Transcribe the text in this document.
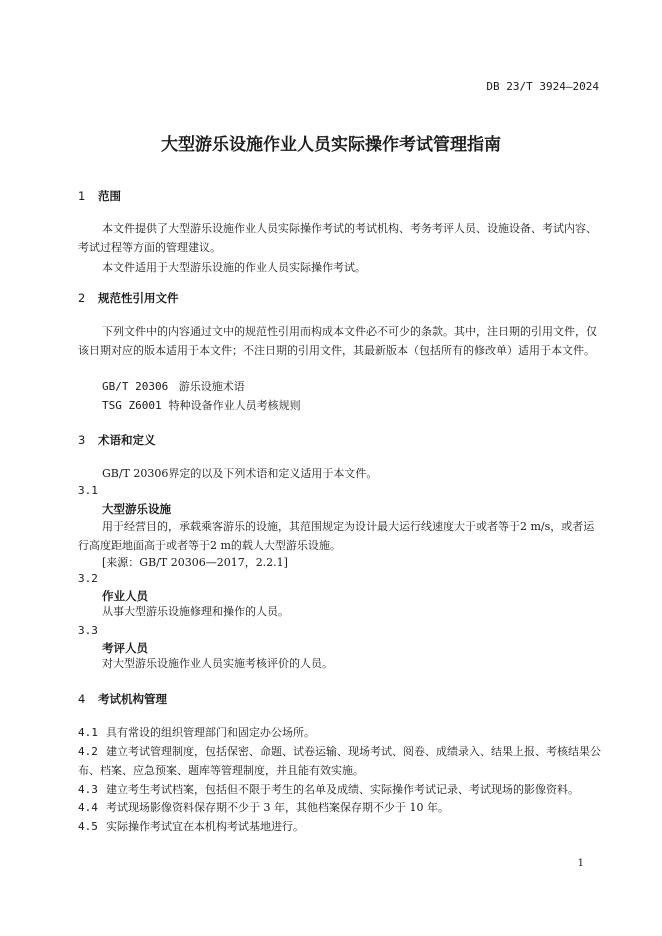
DB 23/T 3924—2024
大型游乐设施作业人员实际操作考试管理指南
1 范围
本文件提供了大型游乐设施作业人员实际操作考试的考试机构、考务考评人员、设施设备、考试内容、考试过程等方面的管理建议。
本文件适用于大型游乐设施的作业人员实际操作考试。
2 规范性引用文件
下列文件中的内容通过文中的规范性引用而构成本文件必不可少的条款。其中，注日期的引用文件，仅该日期对应的版本适用于本文件；不注日期的引用文件，其最新版本（包括所有的修改单）适用于本文件。
GB/T 20306 游乐设施术语
TSG Z6001 特种设备作业人员考核规则
3 术语和定义
GB/T 20306界定的以及下列术语和定义适用于本文件。
3.1
大型游乐设施
用于经营目的，承载乘客游乐的设施，其范围规定为设计最大运行线速度大于或者等于2 m/s，或者运行高度距地面高于或者等于2 m的载人大型游乐设施。
[来源：GB/T 20306—2017，2.2.1]
3.2
作业人员
从事大型游乐设施修理和操作的人员。
3.3
考评人员
对大型游乐设施作业人员实施考核评价的人员。
4 考试机构管理
4.1 具有常设的组织管理部门和固定办公场所。
4.2 建立考试管理制度，包括保密、命题、试卷运输、现场考试、阅卷、成绩录入、结果上报、考核结果公布、档案、应急预案、题库等管理制度，并且能有效实施。
4.3 建立考生考试档案，包括但不限于考生的名单及成绩、实际操作考试记录、考试现场的影像资料。
4.4 考试现场影像资料保存期不少于 3 年，其他档案保存期不少于 10 年。
4.5 实际操作考试宜在本机构考试基地进行。
1
